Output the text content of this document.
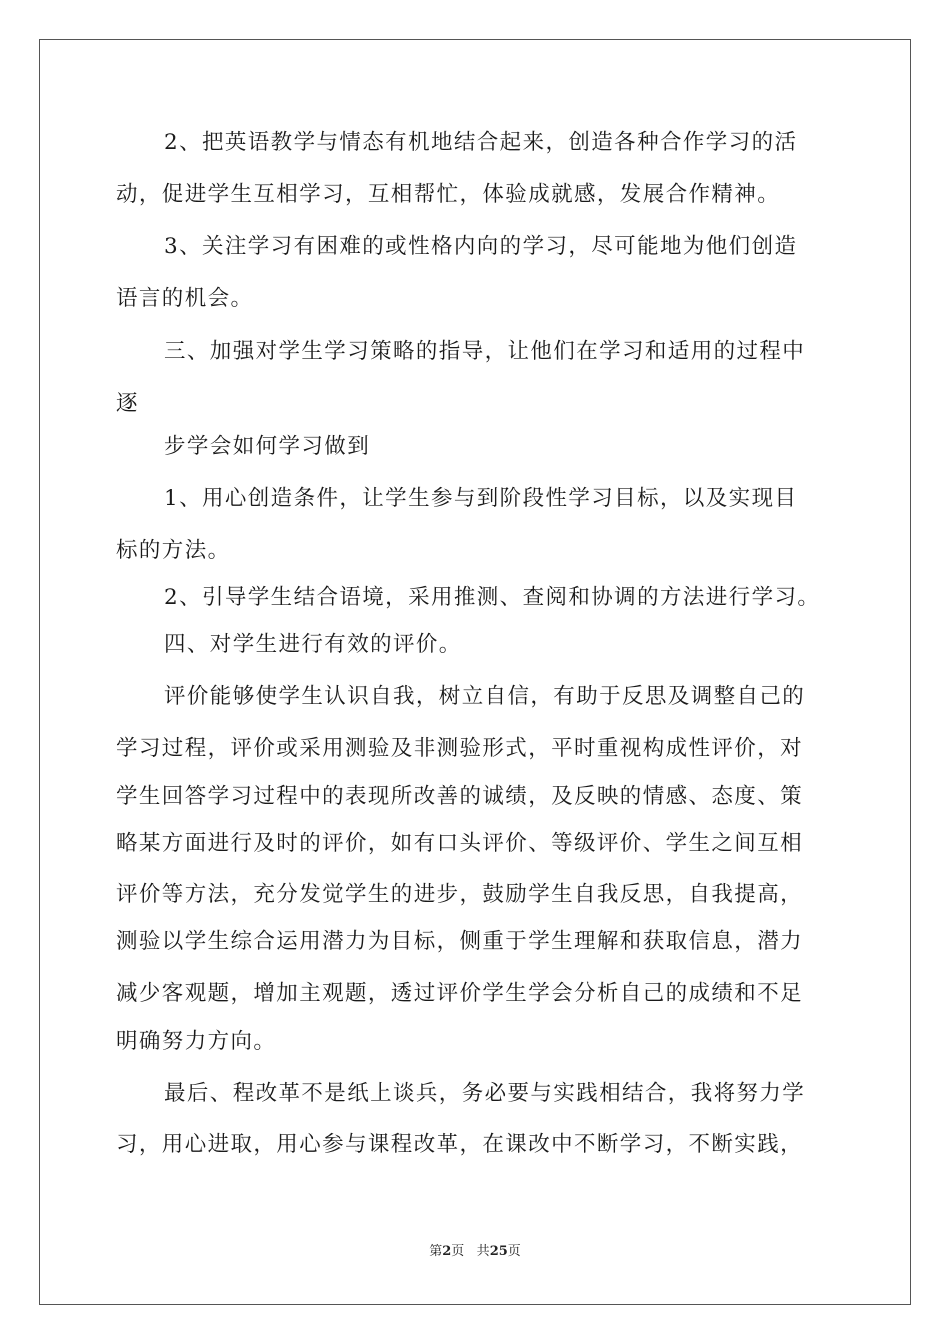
2、把英语教学与情态有机地结合起来，创造各种合作学习的活
动，促进学生互相学习，互相帮忙，体验成就感，发展合作精神。
3、关注学习有困难的或性格内向的学习，尽可能地为他们创造
语言的机会。
三、加强对学生学习策略的指导，让他们在学习和适用的过程中
逐
步学会如何学习做到
1、用心创造条件，让学生参与到阶段性学习目标，以及实现目
标的方法。
2、引导学生结合语境，采用推测、查阅和协调的方法进行学习。
四、对学生进行有效的评价。
评价能够使学生认识自我，树立自信，有助于反思及调整自己的
学习过程，评价或采用测验及非测验形式，平时重视构成性评价，对
学生回答学习过程中的表现所改善的诚绩，及反映的情感、态度、策
略某方面进行及时的评价，如有口头评价、等级评价、学生之间互相
评价等方法，充分发觉学生的进步，鼓励学生自我反思，自我提高，
测验以学生综合运用潜力为目标，侧重于学生理解和获取信息，潜力
减少客观题，增加主观题，透过评价学生学会分析自己的成绩和不足
明确努力方向。
最后、程改革不是纸上谈兵，务必要与实践相结合，我将努力学
习，用心进取，用心参与课程改革，在课改中不断学习，不断实践，
第2页 共25页
